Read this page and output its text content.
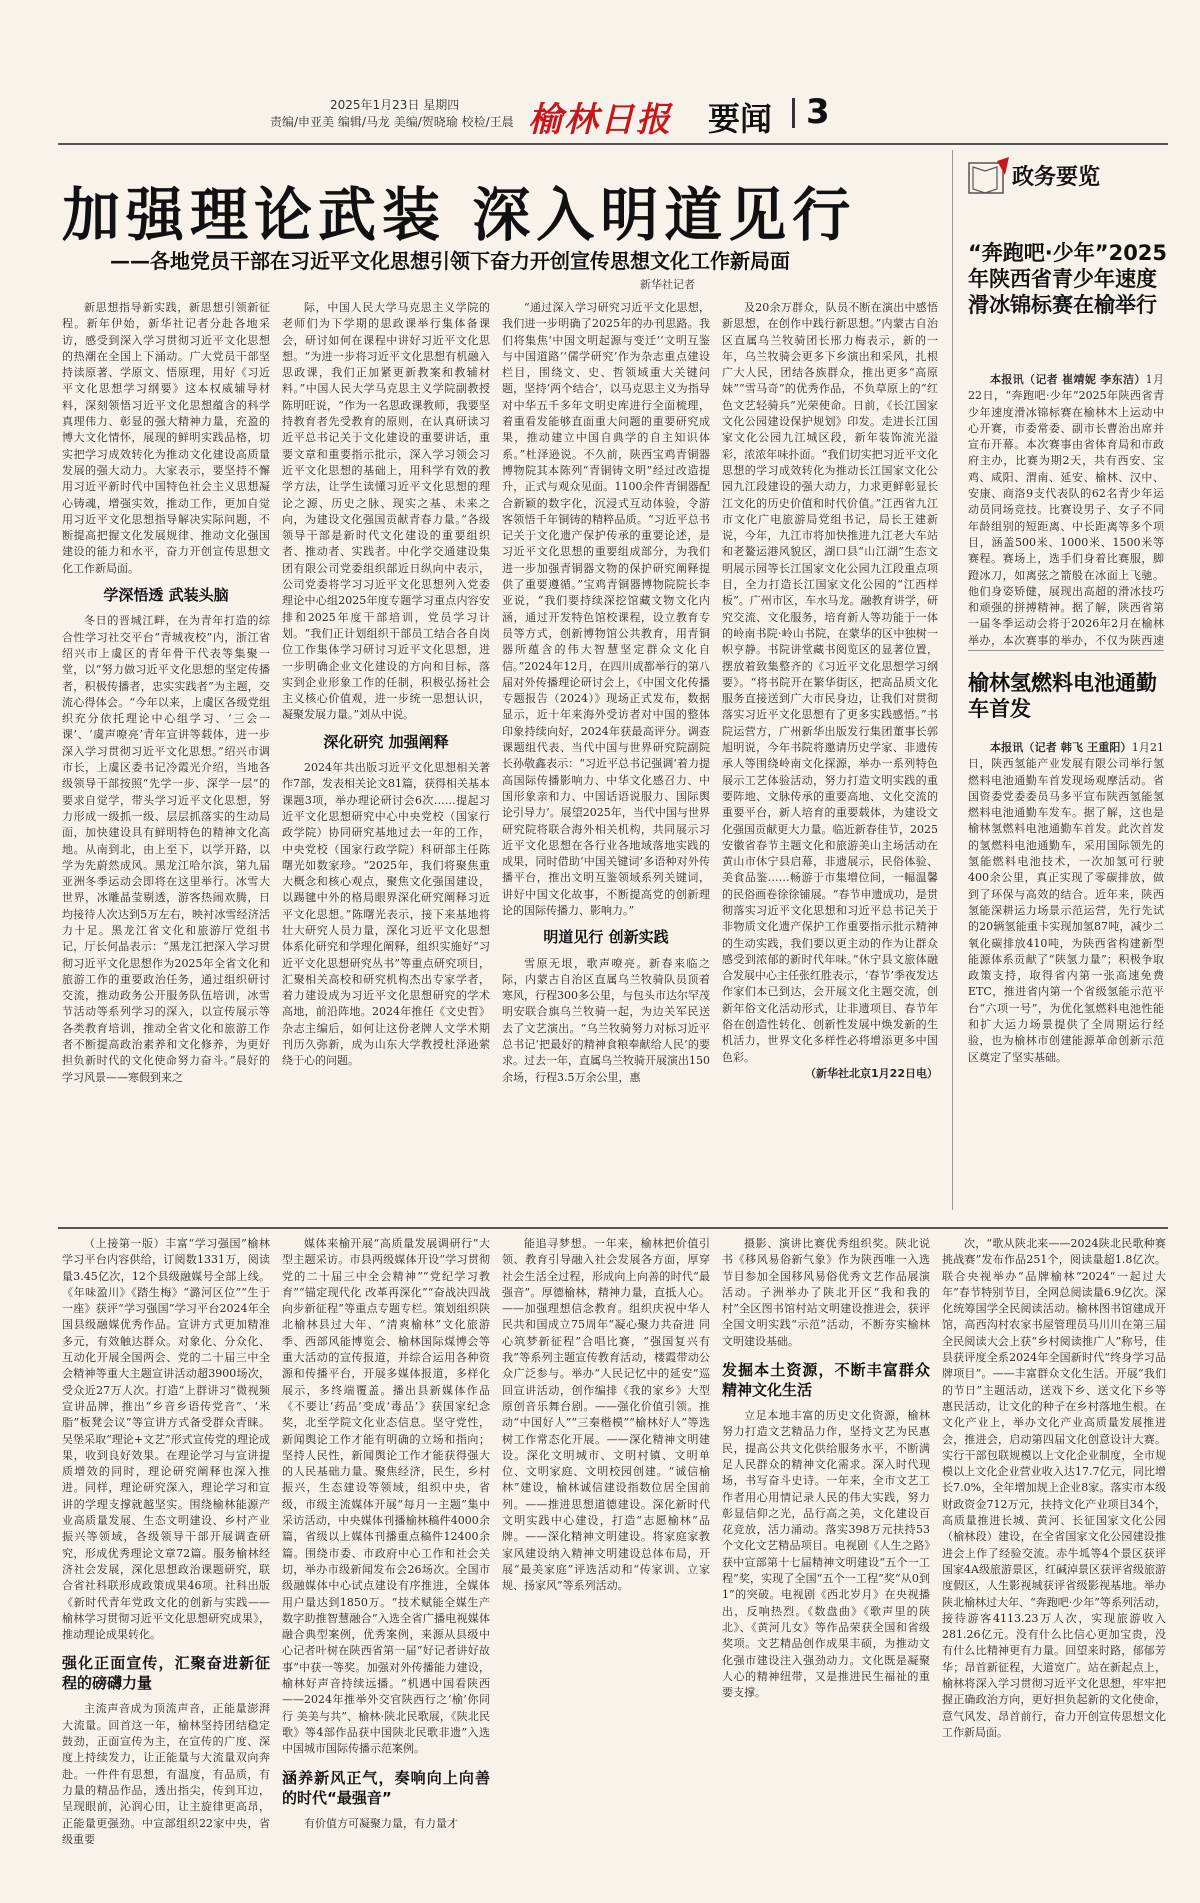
2025年1月23日 星期四
责编/申亚美 编辑/马龙 美编/贺晓瑜 校检/王晨 榆林日报 要闻 3
加强理论武装 深入明道见行
——各地党员干部在习近平文化思想引领下奋力开创宣传思想文化工作新局面
新华社记者

新思想指导新实践，新思想引领新征程。新年伊始，新华社记者分赴各地采访，感受到深入学习贯彻习近平文化思想的热潮在全国上下涌动。广大党员干部坚持读原著、学原文、悟原理，用好《习近平文化思想学习纲要》这本权威辅导材料，深刻领悟习近平文化思想蕴含的科学真理伟力、彰显的强大精神力量，充盈的博大文化情怀，展现的鲜明实践品格，切实把学习成效转化为推动文化建设高质量发展的强大动力。大家表示，要坚持不懈用习近平新时代中国特色社会主义思想凝心铸魂，增强实效，推动工作，更加自觉用习近平文化思想指导解决实际问题，不断提高把握文化发展规律、推动文化强国建设的能力和水平，奋力开创宣传思想文化工作新局面。

学深悟透 武装头脑

冬日的晋城江畔，在为青年打造的综合性学习社交平台“青城夜校”内，浙江省绍兴市上虞区的青年骨干代表等集聚一堂，以“努力做习近平文化思想的坚定传播者，积极传播者，忠实实践者”为主题，交流心得体会。“今年以来，上虞区各级党组织充分依托理论中心组学习、‘三会一课’、‘虞声嘹亮’青年宣讲等载体，进一步深入学习贯彻习近平文化思想。”绍兴市调市长，上虞区委书记冷霞光介绍，当地各级领导干部按照“先学一步、深学一层”的要求自觉学，带头学习近平文化思想，努力形成一级抓一级、层层抓落实的生动局面，加快建设具有鲜明特色的精神文化高地。从南到北，由上至下，以学开路，以学为先蔚然成风。黑龙江哈尔滨，第九届亚洲冬季运动会即将在这里举行。冰雪大世界，冰雕晶莹剔透，游客热闹欢腾，日均接待人次达到5万左右，映衬冰雪经济活力十足。黑龙江省文化和旅游厅党组书记，厅长何晶表示：“黑龙江把深入学习贯彻习近平文化思想作为2025年全省文化和旅游工作的重要政治任务，通过组织研讨交流，推动政务公开服务队伍培训，冰雪节活动等系列学习的深入，以宣传展示等各类教育培训，推动全省文化和旅游工作者不断提高政治素养和文化修养，为更好担负新时代的文化使命努力奋斗。”晨好的学习风景——寒假到来之

际，中国人民大学马克思主义学院的老师们为下学期的思政课举行集体备课会，研讨如何在课程中讲好习近平文化思想。“为进一步将习近平文化思想有机融入思政课，我们正加紧更新教案和教辅材料。”中国人民大学马克思主义学院副教授陈明旺说，“作为一名思政课教师，我要坚持教育者先受教育的原则，在认真研读习近平总书记关于文化建设的重要讲话，重要文章和重要指示批示，深入学习领会习近平文化思想的基础上，用科学有效的教学方法，让学生读懂习近平文化思想的理论之源、历史之脉、现实之基、未来之向，为建设文化强国贡献青春力量。”各级领导干部是新时代文化建设的重要组织者、推动者、实践者。中化学交通建设集团有限公司党委组织部近日纵向中表示，公司党委将学习习近平文化思想列入党委理论中心组2025年度专题学习重点内容安排和2025年度干部培训，党员学习计划。“我们正计划组织干部员工结合各自岗位工作集体学习研讨习近平文化思想，进一步明确企业文化建设的方向和目标，落实到企业形象工作的任制，积极弘扬社会主义核心价值观，进一步统一思想认识，凝聚发展力量。”刘从中说。

深化研究 加强阐释

2024年共出版习近平文化思想相关著作7部，发表相关论文81篇，获得相关基本课题3项，举办理论研讨会6次……提起习近平文化思想研究中心中央党校（国家行政学院）协同研究基地过去一年的工作，中央党校（国家行政学院）科研部主任陈曙光如数家珍。“2025年，我们将聚焦重大概念和核心观点，聚焦文化强国建设，以踢毽中外的格局眼界深化研究阐释习近平文化思想。”陈曙光表示，接下来基地将壮大研究人员力量，深化习近平文化思想体系化研究和学理化阐释，组织实施好“习近平文化思想研究丛书”等重点研究项目，汇聚相关高校和研究机构杰出专家学者，着力建设成为习近平文化思想研究的学术高地，前沿阵地。2024年推任《文史哲》杂志主编后，如何让这份老牌人文学术期刊历久弥新，成为山东大学教授杜泽逊萦绕于心的问题。

“通过深入学习研究习近平文化思想，我们进一步明确了2025年的办刊思路。我们将集焦‘中国文明起源与变迁’‘文明互鉴与中国道路’‘儒学研究’作为杂志重点建设栏目，围绕文、史、哲领域重大关键问题，坚持‘两个结合’，以马克思主义为指导对中华五千多年文明史库进行全面梳理，着重看发能够直面重大问题的重要研究成果，推动建立中国自典学的自主知识体系。”杜泽逊说。不久前，陕西宝鸡青铜器博物院其本陈列“青铜铸文明”经过改造提升，正式与观众见面。1100余件青铜器配合新颖的数字化，沉浸式互动体验，令游客领悟千年铜铸的精粹品质。“习近平总书记关于文化遗产保护传承的重要论述，是习近平文化思想的重要组成部分，为我们进一步加强青铜器文物的保护研究阐释提供了重要遵循。”宝鸡青铜器博物院院长李亚说，“我们要持续深挖馆藏文物文化内涵，通过开发特色馆校课程，设立教育专员等方式，创新博物馆公共教育，用青铜器所蕴含的伟大智慧坚定群众文化自信。”2024年12月，在四川成都举行的第八届对外传播理论研讨会上，《中国文化传播专题报告（2024）》现场正式发布，数据显示，近十年来海外受访者对中国的整体印象持续向好，2024年获最高评分。调查课题组代表、当代中国与世界研究院副院长孙敬鑫表示：“习近平总书记强调‘着力提高国际传播影响力、中华文化感召力、中国形象亲和力、中国话语说服力、国际舆论引导力’。展望2025年，当代中国与世界研究院将联合海外相关机构，共同展示习近平文化思想在各行业各地域落地实践的成果，同时借助‘中国关键词’多语种对外传播平台，推出文明互鉴领域系列关键词，讲好中国文化故事，不断提高党的创新理论的国际传播力、影响力。”

明道见行 创新实践

雪原无垠，歌声嘹亮。新春来临之际，内蒙古自治区直属乌兰牧骑队员顶着寒风，行程300多公里，与包头市达尔罕茂明安联合旗乌兰牧骑一起，为边关军民送去了文艺演出。“乌兰牧骑努力对标习近平总书记‘把最好的精神食粮奉献给人民’的要求。过去一年，直属乌兰牧骑开展演出150余场，行程3.5万余公里，惠

及20余万群众，队员不断在演出中感悟新思想，在创作中践行新思想。”内蒙古自治区直属乌兰牧骑团长邢力梅表示，新的一年，乌兰牧骑会更多下乡演出和采风，扎根广大人民，团结各族群众，推出更多“高原妹”“雪马奇”的优秀作品，不负草原上的“红色文艺轻骑兵”光荣使命。日前，《长江国家文化公园建设保护规划》印发。走进长江国家文化公园九江城区段，新年装饰流光溢彩，浓浓年味扑面。“我们切实把习近平文化思想的学习成效转化为推动长江国家文化公园九江段建设的强大动力，力求更鲜彰显长江文化的历史价值和时代价值。”江西省九江市文化广电旅游局党组书记，局长王建新说，今年，九江市将加快推进九江老大车站和老鳌运港风貌区，湖口县“山江湖”生态文明展示园等长江国家文化公园九江段重点项目，全力打造长江国家文化公园的“江西样板”。广州市区，车水马龙。融教育讲学，研究交流、文化服务，培育新人等功能于一体的岭南书院·岭山书院，在蒙华的区中独树一帜亨静。书院讲堂藏书阅览区的显著位置，摆放着致集整齐的《习近平文化思想学习纲要》。“将书院开在繁华街区，把高品质文化服务直接送到广大市民身边，让我们对贯彻落实习近平文化思想有了更多实践感悟。”书院运营方，广州新华出版发行集团董事长郭旭明说，今年书院将邀请历史学家、非遗传承人等围绕岭南文化探源，举办一系列特色展示工艺体验活动，努力打造文明实践的重要阵地、文脉传承的重要高地、文化交流的重要平台，新人培育的重要载体，为建设文化强国贡献更大力量。临近新春佳节，2025安徽省春节主题文化和旅游美山主场活动在黄山市休宁县启幕，非遗展示，民俗体验、美食品鉴……畅游于市集增位间，一幅温馨的民俗画卷徐徐铺展。“春节申遗成功，是贯彻落实习近平文化思想和习近平总书记关于非物质文化遗产保护工作重要指示批示精神的生动实践，我们要以更主动的作为让群众感受到浓郁的新时代年味。”休宁县文旅体融合发展中心主任张红胜表示，‘春节’季夜发达作家们本已到达，会开展文化主题交流，创新年俗文化活动形式，让非遗项目、春节年俗在创造性转化、创新性发展中焕发新的生机活力，世界文化多样性必将增添更多中国色彩。

（新华社北京1月22日电）
政务要览
“奔跑吧·少年”2025年陕西省青少年速度滑冰锦标赛在榆举行

本报讯（记者 崔靖妮 李东洁）1月22日，“奔跑吧·少年”2025年陕西省青少年速度滑冰锦标赛在榆林木上运动中心开赛，市委常委、副市长曹治出席并宣布开幕。本次赛事由省体育局和市政府主办，比赛为期2天，共有西安、宝鸡、咸阳、渭南、延安、榆林、汉中、安康、商洛9支代表队的62名青少年运动员同场竞技。比赛设男子、女子不同年龄组别的短距离、中长距离等多个项目，涵盖500米、1000米、1500米等赛程。赛场上，选手们身着比赛服，脚蹬冰刀，如离弦之箭般在冰面上飞驰。他们身姿矫健，展现出高超的滑冰技巧和顽强的拼搏精神。据了解，陕西省第一届冬季运动会将于2026年2月在榆林举办，本次赛事的举办，不仅为陕西速

榆林氢燃料电池通勤车首发

本报讯（记者 韩飞 王重阳）1月21日，陕西氢能产业发展有限公司举行氢燃料电池通勤车首发现场观摩活动。省国资委党委委员马多平宣布陕西氢能氢燃料电池通勤车发车。据了解，这也是榆林氢燃料电池通勤车首发。此次首发的氢燃料电池通勤车，采用国际领先的氢能燃料电池技术，一次加氢可行驶400余公里，真正实现了零碳排放，做到了环保与高效的结合。近年来，陕西氢能深耕运力场景示范运营，先行先试的20辆氢能重卡实现加氢87吨，减少二氧化碳排放410吨，为陕西省构建新型能源体系贡献了“陕氢力量”；积极争取政策支持，取得省内第一张高速免费ETC，推进省内第一个省级氢能示范平台“六项一号”，为优化氢燃料电池性能和扩大运力场景提供了全周期运行经验，也为榆林市创建能源革命创新示范区奠定了坚实基础。

（上接第一版）丰富“学习强国”榆林学习平台内容供给，订阅数1331万，阅读量3.45亿次，12个县级融媒号全部上线。《年味盈川》《踏生梅》“潞河区位”“生于一座》获评“学习强国”学习平台2024年全国县级融媒优秀作品。宣讲方式更加精准多元，有效触达群众。对象化、分众化、互动化开展全国两会、党的二十届三中全会精神等重大主题宣讲活动超3900场次，受众近27万人次。打造“上群讲习”微视频宣讲品牌，推出“乡音乡语传党音”、‘米脂”板凳会议”等宣讲方式备受群众青睐。吴堡采取“理论+文艺”形式宣传党的理论成果，收到良好效果。在理论学习与宣讲提质增效的同时，理论研究阐释也深入推进。同样，理论研究深入，理论学习和宣讲的学理支撑就越坚实。围绕榆林能源产业高质量发展、生态文明建设、乡村产业振兴等领域，各级领导干部开展调查研究，形成优秀理论文章72篇。服务榆林经济社会发展，深化思想政治课题研究，联合省社科联形成政策成果46项。社科出版《新时代青年党政文化的创新与实践——榆林学习贯彻习近平文化思想研究成果》，推动理论成果转化。

强化正面宣传，汇聚奋进新征程的磅礴力量

主流声音成为顶流声音，正能量澎湃大流量。回首这一年，榆林坚持团结稳定鼓劲，正面宣传为主，在宣传的广度、深度上持续发力，让正能量与大流量双向奔赴。一件件有思想，有温度，有品质，有力量的精品作品，透出指尖，传到耳边，呈现眼前，沁润心田，让主旋律更高昂，正能量更强劲。中宣部组织22家中央，省级重要

媒体来榆开展“高质量发展调研行”大型主题采访。市县两级媒体开设“学习贯彻党的二十届三中全会精神”“党纪学习教育”“锚定现代化 改革再深化”“奋战决四战 向步新征程”等重点专题专栏。策划组织陕北榆林县过大年、“清爽榆林”文化旅游季、西部风能博览会、榆林国际煤博会等重大活动的宣传报道，并综合运用各种资源和传播平台，开展多媒体报道，多样化展示，多终端覆盖。播出县新媒体作品《不要让‘药品’变成‘毒品’》获国家纪念奖，北至学院文化业态信息。坚守党性，新闻舆论工作才能有明确的立场和指向；坚持人民性，新闻舆论工作才能获得强大的人民基础力量。聚焦经济，民生，乡村振兴，生态建设等领域，组织中央，省级，市级主流媒体开展“每月一主题”集中采访活动，中央媒体刊播榆林稿件4000余篇，省级以上媒体刊播重点稿件12400余篇。围绕市委、市政府中心工作和社会关切，举办市级新闻发布会26场次。全国市级融媒体中心试点建设有序推进，全媒体用户量达到1850万。“技术赋能全媒生产 数字助推智慧融合”入选全省广播电视媒体融合典型案例，优秀案例，来源从县级中心记者叶树在陕西省第一届“好记者讲好故事”中获一等奖。加强对外传播能力建设，榆林好声音持续远播。“机遇中国看陕西——2024年推举外交官陕西行之‘榆’你同行 美美与共”、榆林·陕北民歌展，《陕北民歌》等4部作品获中国陕北民歌非遗”入选中国城市国际传播示范案例。

涵养新风正气，奏响向上向善的时代“最强音”

有价值方可凝聚力量，有力量才

能追寻梦想。一年来，榆林把价值引领、教育引导融入社会发展各方面，厚穿社会生活全过程，形成向上向善的时代“最强音”。厚德榆林，精神力量，直抵人心。——加强理想信念教育。组织庆祝中华人民共和国成立75周年“凝心聚力共奋进 同心筑梦新征程”合唱比赛，“强国复兴有我”等系列主题宣传教育活动，楼霞带动公众广泛参与。举办“人民记忆中的延安”巡回宣讲活动，创作编排《我的家乡》大型原创音乐舞台剧。——强化价值引领。推动“中国好人”“三秦楷模”“榆林好人”等选树工作常态化开展。——深化精神文明建设。深化文明城市、文明村镇、文明单位、文明家庭、文明校园创建。“诚信榆林”建设，榆林诚信建设指数位居全国前列。——推进思想道德建设。深化新时代文明实践中心建设，打造“志愿榆林”品牌。——深化精神文明建设。将家庭家教家风建设纳入精神文明建设总体布局，开展“最美家庭”评选活动和“传家训、立家规、扬家风”等系列活动。

摄影、演讲比赛优秀组织奖。陕北说书《移风易俗新气象》作为陕西唯一入选节目参加全国移风易俗优秀文艺作品展演活动。子洲举办了陕北开区“我和我的村”全区图书馆村站文明建设推进会，获评全国文明实践“示范”活动，不断夯实榆林文明建设基础。

发掘本土资源，不断丰富群众精神文化生活

立足本地丰富的历史文化资源，榆林努力打造文艺精品力作，坚持文艺为民惠民，提高公共文化供给服务水平，不断满足人民群众的精神文化需求。深入时代现场，书写奋斗史诗。一年来，全市文艺工作者用心用情记录人民的伟大实践，努力彰显信仰之光，品行高之美，文化建设百花竞放，活力涌动。落实398万元扶持53个文化文艺精品项目。电视剧《人生之路》获中宣部第十七届精神文明建设“五个一工程”奖，实现了全国“五个一工程”奖“从0到1”的突破。电视剧《西北岁月》在央视播出，反响热烈。《数盘曲》《歌声里的陕北》、《黄河儿女》等作品荣获全国和省级奖项。文艺精品创作成果丰硕，为推动文化强市建设注入强劲动力。文化既是凝聚人心的精神纽带，又是推进民生福祉的重要支撑。

次，“歌从陕北来——2024陕北民歌种赛挑战赛”发布作品251个，阅读量超1.8亿次。联合央视举办“品牌榆林”2024“一起过大年”春节特别节目，全网总阅读量6.9亿次。深化统筹国学全民阅读活动。榆林图书馆建成开馆，高西沟村农家书屋管理员马川川在第三届全民阅读大会上获“乡村阅读推广人”称号，佳县获评度全系2024年全国新时代“终身学习品牌项目”。——丰富群众文化生活。开展“我们的节日”主题活动，送戏下乡、送文化下乡等惠民活动，让文化的种子在乡村落地生根。在文化产业上，举办文化产业高质量发展推进会，推进会，启动第四届文化创意设计大赛。实行干部包联规模以上文化企业制度，全市规模以上文化企业营业收入达17.7亿元，同比增长7.0%，全年增加规上企业8家。落实市本级财政资金712万元，扶持文化产业项目34个，高质量推进长城、黄河、长征国家文化公园（榆林段）建设，在全省国家文化公园建设推进会上作了经验交流。赤牛坬等4个景区获评国家4A级旅游景区，红碱淖景区获评省级旅游度假区，人生影视城获评省级影视基地。举办陕北榆林过大年、“奔跑吧·少年”等系列活动，接待游客4113.23万人次，实现旅游收入281.26亿元。没有什么比信心更加宝贵，没有什么比精神更有力量。回望来时路，郁郁芳华；昂首新征程，大道宽广。站在新起点上，榆林将深入学习贯彻习近平文化思想，牢牢把握正确政治方向，更好担负起新的文化使命，意气风发、昂首前行，奋力开创宣传思想文化工作新局面。
